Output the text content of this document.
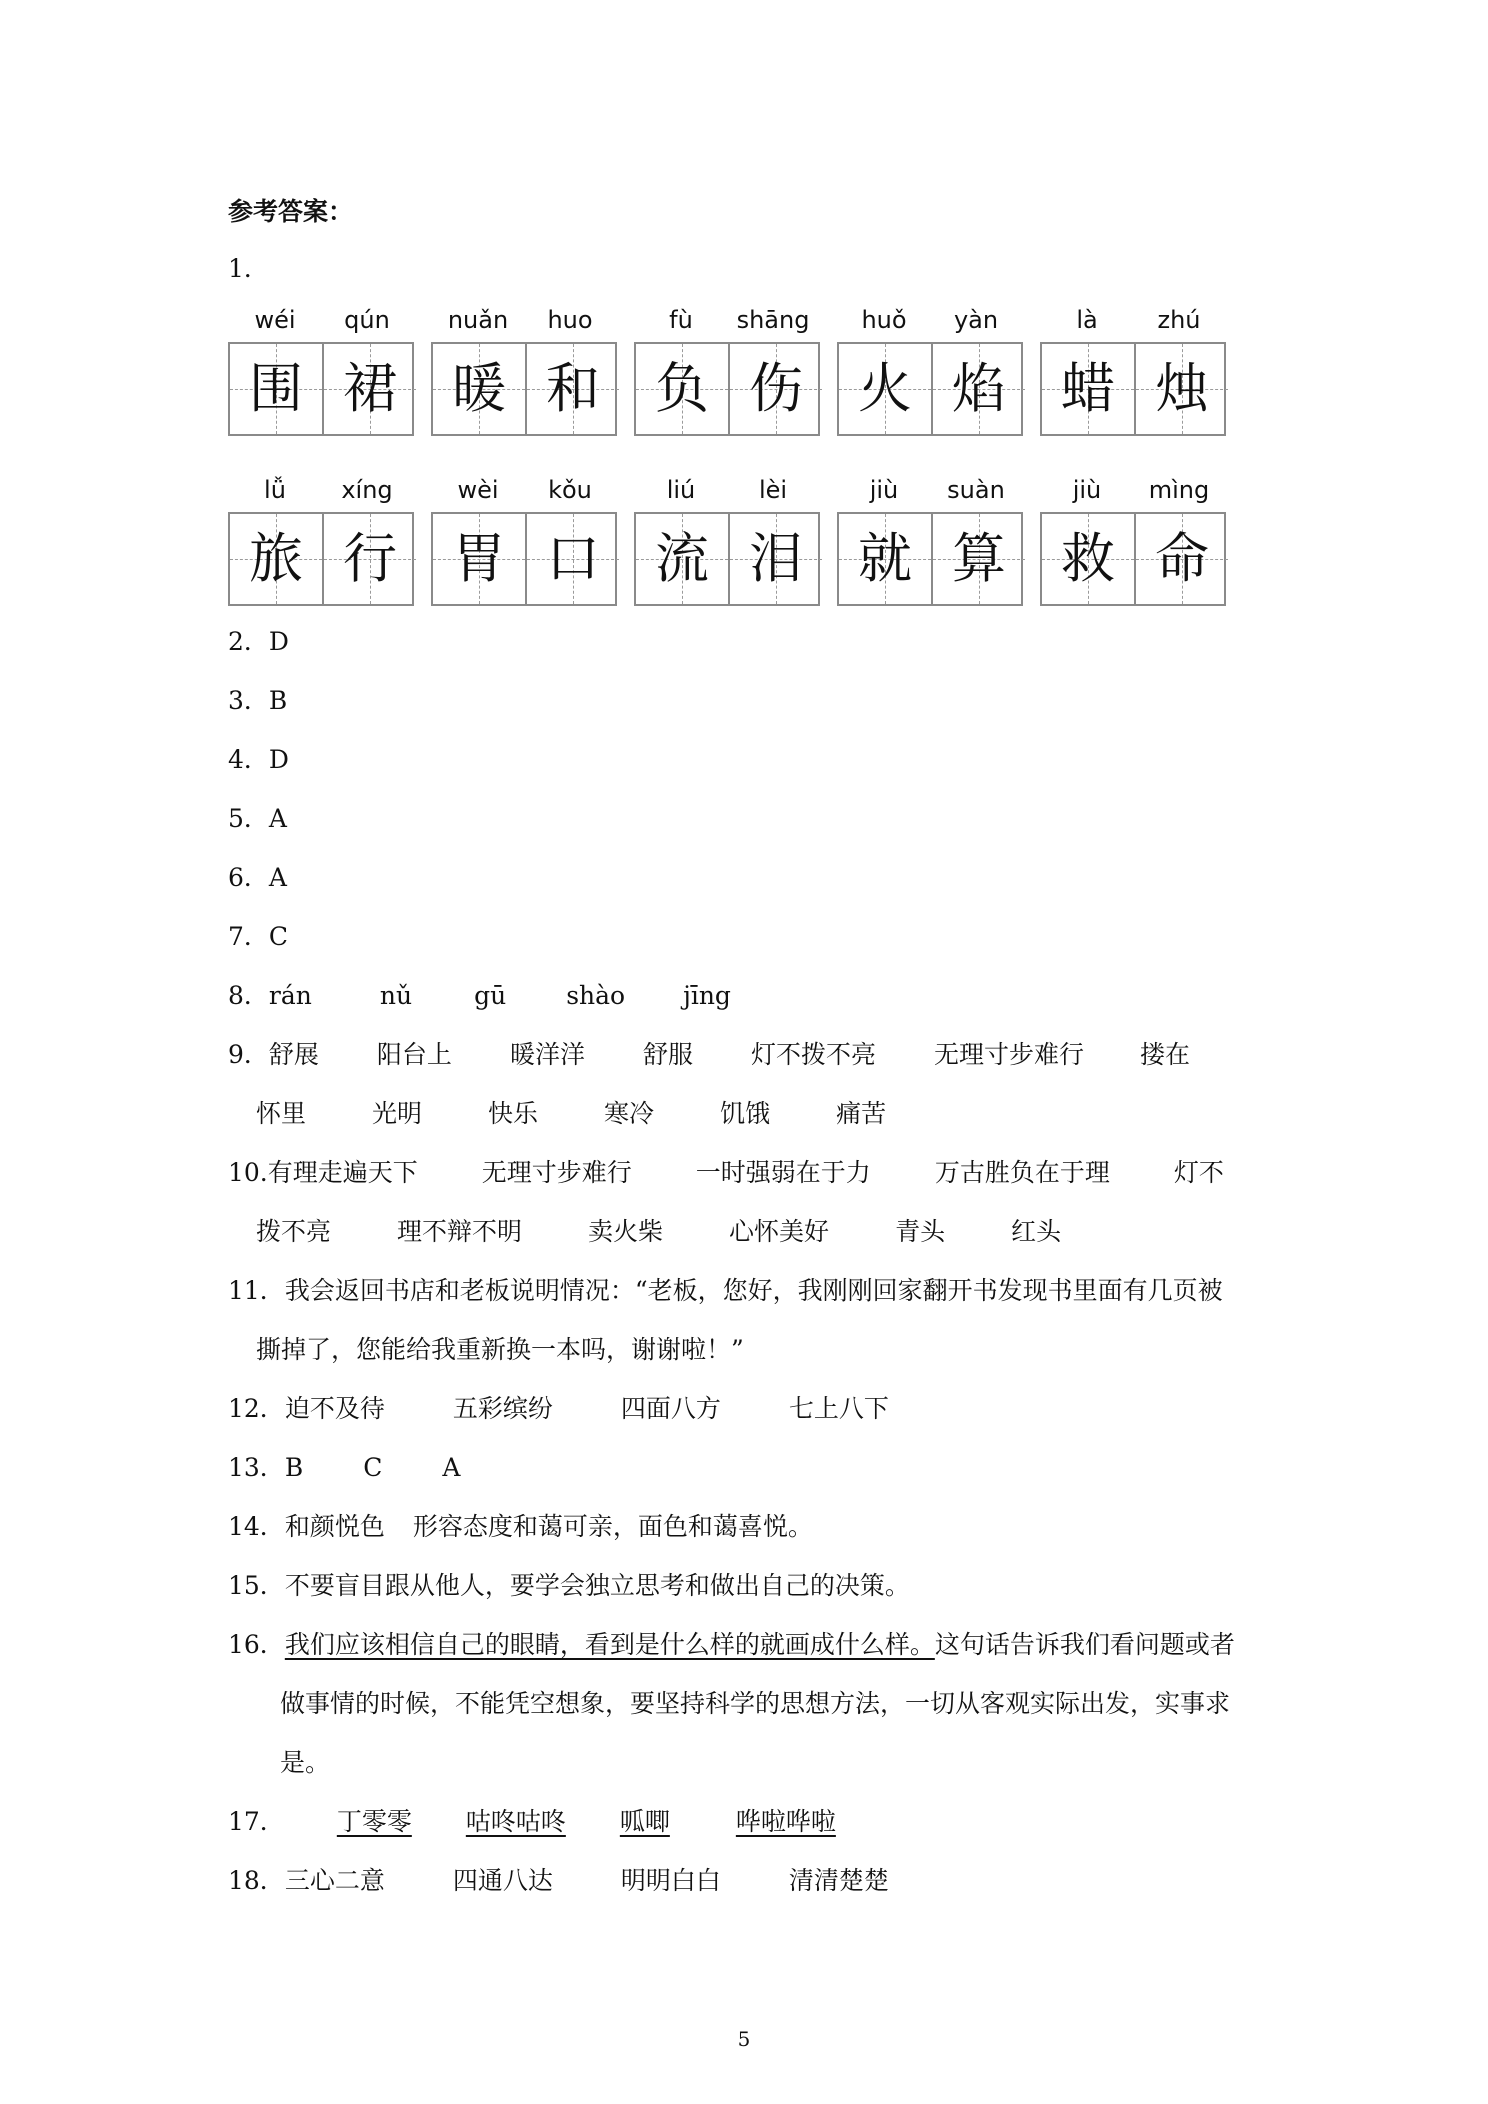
参考答案：
1．
wéi	qún
围 裙
nuǎn	huo
暖 和
fù	shāng
负 伤
huǒ	yàn
火 焰
là	zhú
蜡 烛
lǚ	xíng
旅 行
wèi	kǒu
胃 口
liú	lèi
流 泪
jiù	suàn
就 算
jiù	mìng
救 命
2．D
3．B
4．D
5．A
6．A
7．C
8．rán	nǔ gū shào jīng
9．舒展 阳台上 暖洋洋 舒服 灯不拨不亮 无理寸步难行 搂在
怀里	光明	快乐	寒冷	饥饿	痛苦
10.有理走遍天下	无理寸步难行	一时强弱在于力	万古胜负在于理	灯不
拨不亮	理不辩不明	卖火柴	心怀美好	青头	红头
11．我会返回书店和老板说明情况：“老板，您好，我刚刚回家翻开书发现书里面有几页被
撕掉了，您能给我重新换一本吗，谢谢啦！”
12．迫不及待	五彩缤纷	四面八方	七上八下
13．B C A
14．和颜悦色 形容态度和蔼可亲，面色和蔼喜悦。
15．不要盲目跟从他人，要学会独立思考和做出自己的决策。
16．我们应该相信自己的眼睛，看到是什么样的就画成什么样。这句话告诉我们看问题或者
做事情的时候，不能凭空想象，要坚持科学的思想方法，一切从客观实际出发，实事求
是。
17． 丁零零 咕咚咕咚 呱唧	哗啦哗啦
18．三心二意	四通八达	明明白白	清清楚楚
5
